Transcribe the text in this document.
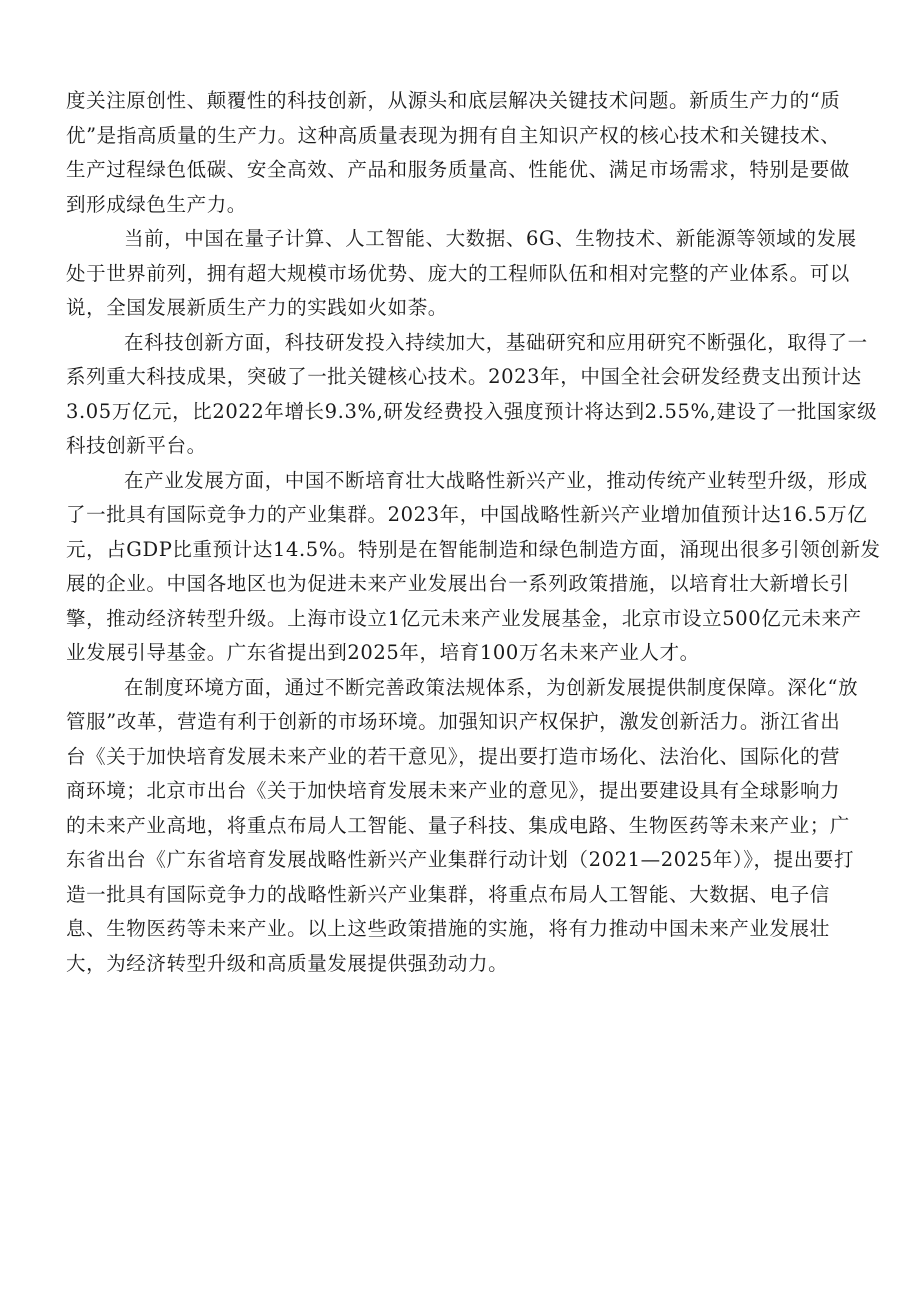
度关注原创性、颠覆性的科技创新，从源头和底层解决关键技术问题。新质生产力的“质
优”是指高质量的生产力。这种高质量表现为拥有自主知识产权的核心技术和关键技术、
生产过程绿色低碳、安全高效、产品和服务质量高、性能优、满足市场需求，特别是要做
到形成绿色生产力。

当前，中国在量子计算、人工智能、大数据、6G、生物技术、新能源等领域的发展
处于世界前列，拥有超大规模市场优势、庞大的工程师队伍和相对完整的产业体系。可以
说，全国发展新质生产力的实践如火如荼。

在科技创新方面，科技研发投入持续加大，基础研究和应用研究不断强化，取得了一
系列重大科技成果，突破了一批关键核心技术。2023年，中国全社会研发经费支出预计达
3.05万亿元，比2022年增长9.3%,研发经费投入强度预计将达到2.55%,建设了一批国家级
科技创新平台。

在产业发展方面，中国不断培育壮大战略性新兴产业，推动传统产业转型升级，形成
了一批具有国际竞争力的产业集群。2023年，中国战略性新兴产业增加值预计达16.5万亿
元，占GDP比重预计达14.5%。特别是在智能制造和绿色制造方面，涌现出很多引领创新发
展的企业。中国各地区也为促进未来产业发展出台一系列政策措施，以培育壮大新增长引
擎，推动经济转型升级。上海市设立1亿元未来产业发展基金，北京市设立500亿元未来产
业发展引导基金。广东省提出到2025年，培育100万名未来产业人才。

在制度环境方面，通过不断完善政策法规体系，为创新发展提供制度保障。深化“放
管服”改革，营造有利于创新的市场环境。加强知识产权保护，激发创新活力。浙江省出
台《关于加快培育发展未来产业的若干意见》，提出要打造市场化、法治化、国际化的营
商环境；北京市出台《关于加快培育发展未来产业的意见》，提出要建设具有全球影响力
的未来产业高地，将重点布局人工智能、量子科技、集成电路、生物医药等未来产业；广
东省出台《广东省培育发展战略性新兴产业集群行动计划（2021—2025年）》，提出要打
造一批具有国际竞争力的战略性新兴产业集群，将重点布局人工智能、大数据、电子信
息、生物医药等未来产业。以上这些政策措施的实施，将有力推动中国未来产业发展壮
大，为经济转型升级和高质量发展提供强劲动力。
